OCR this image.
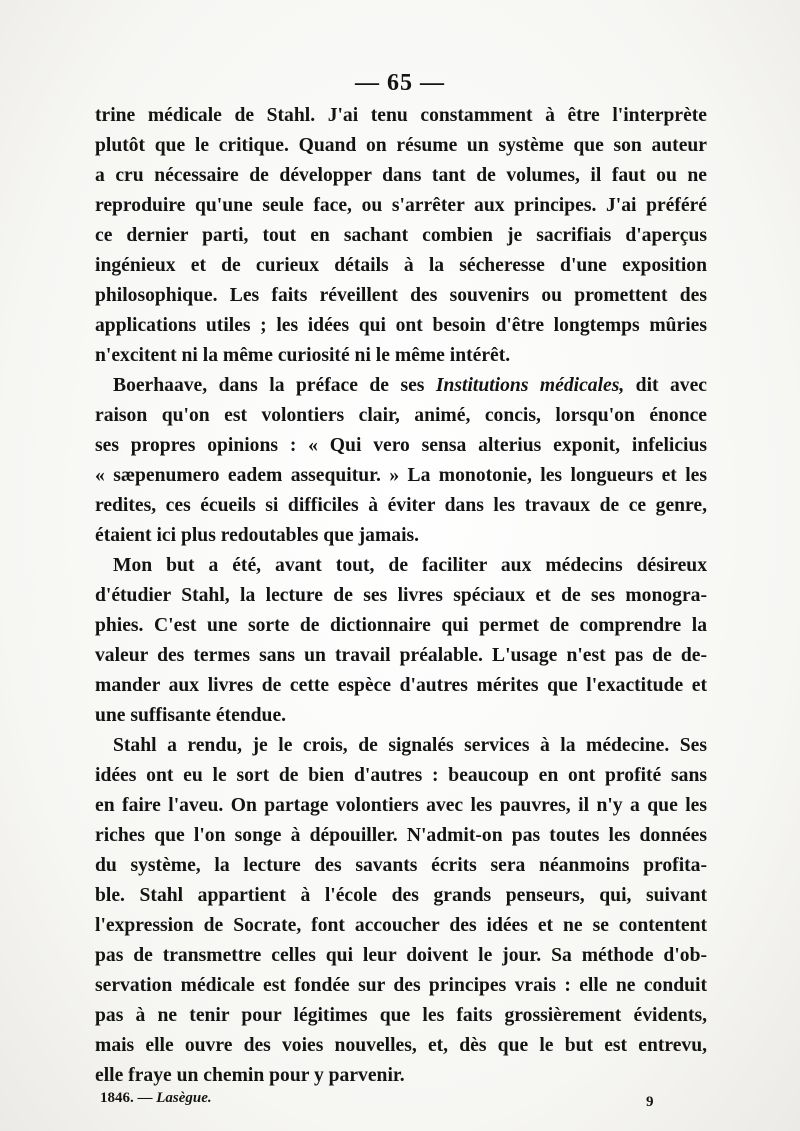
— 65 —
trine médicale de Stahl. J'ai tenu constamment à être l'interprète
plutôt que le critique. Quand on résume un système que son auteur
a cru nécessaire de développer dans tant de volumes, il faut ou ne
reproduire qu'une seule face, ou s'arrêter aux principes. J'ai préféré
ce dernier parti, tout en sachant combien je sacrifiais d'aperçus
ingénieux et de curieux détails à la sécheresse d'une exposition
philosophique. Les faits réveillent des souvenirs ou promettent des
applications utiles ; les idées qui ont besoin d'être longtemps mûries
n'excitent ni la même curiosité ni le même intérêt.
Boerhaave, dans la préface de ses Institutions médicales, dit avec
raison qu'on est volontiers clair, animé, concis, lorsqu'on énonce
ses propres opinions : « Qui vero sensa alterius exponit, infelicius
« sæpenumero eadem assequitur. » La monotonie, les longueurs et les
redites, ces écueils si difficiles à éviter dans les travaux de ce genre,
étaient ici plus redoutables que jamais.
Mon but a été, avant tout, de faciliter aux médecins désireux
d'étudier Stahl, la lecture de ses livres spéciaux et de ses monogra-
phies. C'est une sorte de dictionnaire qui permet de comprendre la
valeur des termes sans un travail préalable. L'usage n'est pas de de-
mander aux livres de cette espèce d'autres mérites que l'exactitude et
une suffisante étendue.
Stahl a rendu, je le crois, de signalés services à la médecine. Ses
idées ont eu le sort de bien d'autres : beaucoup en ont profité sans
en faire l'aveu. On partage volontiers avec les pauvres, il n'y a que les
riches que l'on songe à dépouiller. N'admit-on pas toutes les données
du système, la lecture des savants écrits sera néanmoins profita-
ble. Stahl appartient à l'école des grands penseurs, qui, suivant
l'expression de Socrate, font accoucher des idées et ne se contentent
pas de transmettre celles qui leur doivent le jour. Sa méthode d'ob-
servation médicale est fondée sur des principes vrais : elle ne conduit
pas à ne tenir pour légitimes que les faits grossièrement évidents,
mais elle ouvre des voies nouvelles, et, dès que le but est entrevu,
elle fraye un chemin pour y parvenir.
1846. — Lasègue.	9
